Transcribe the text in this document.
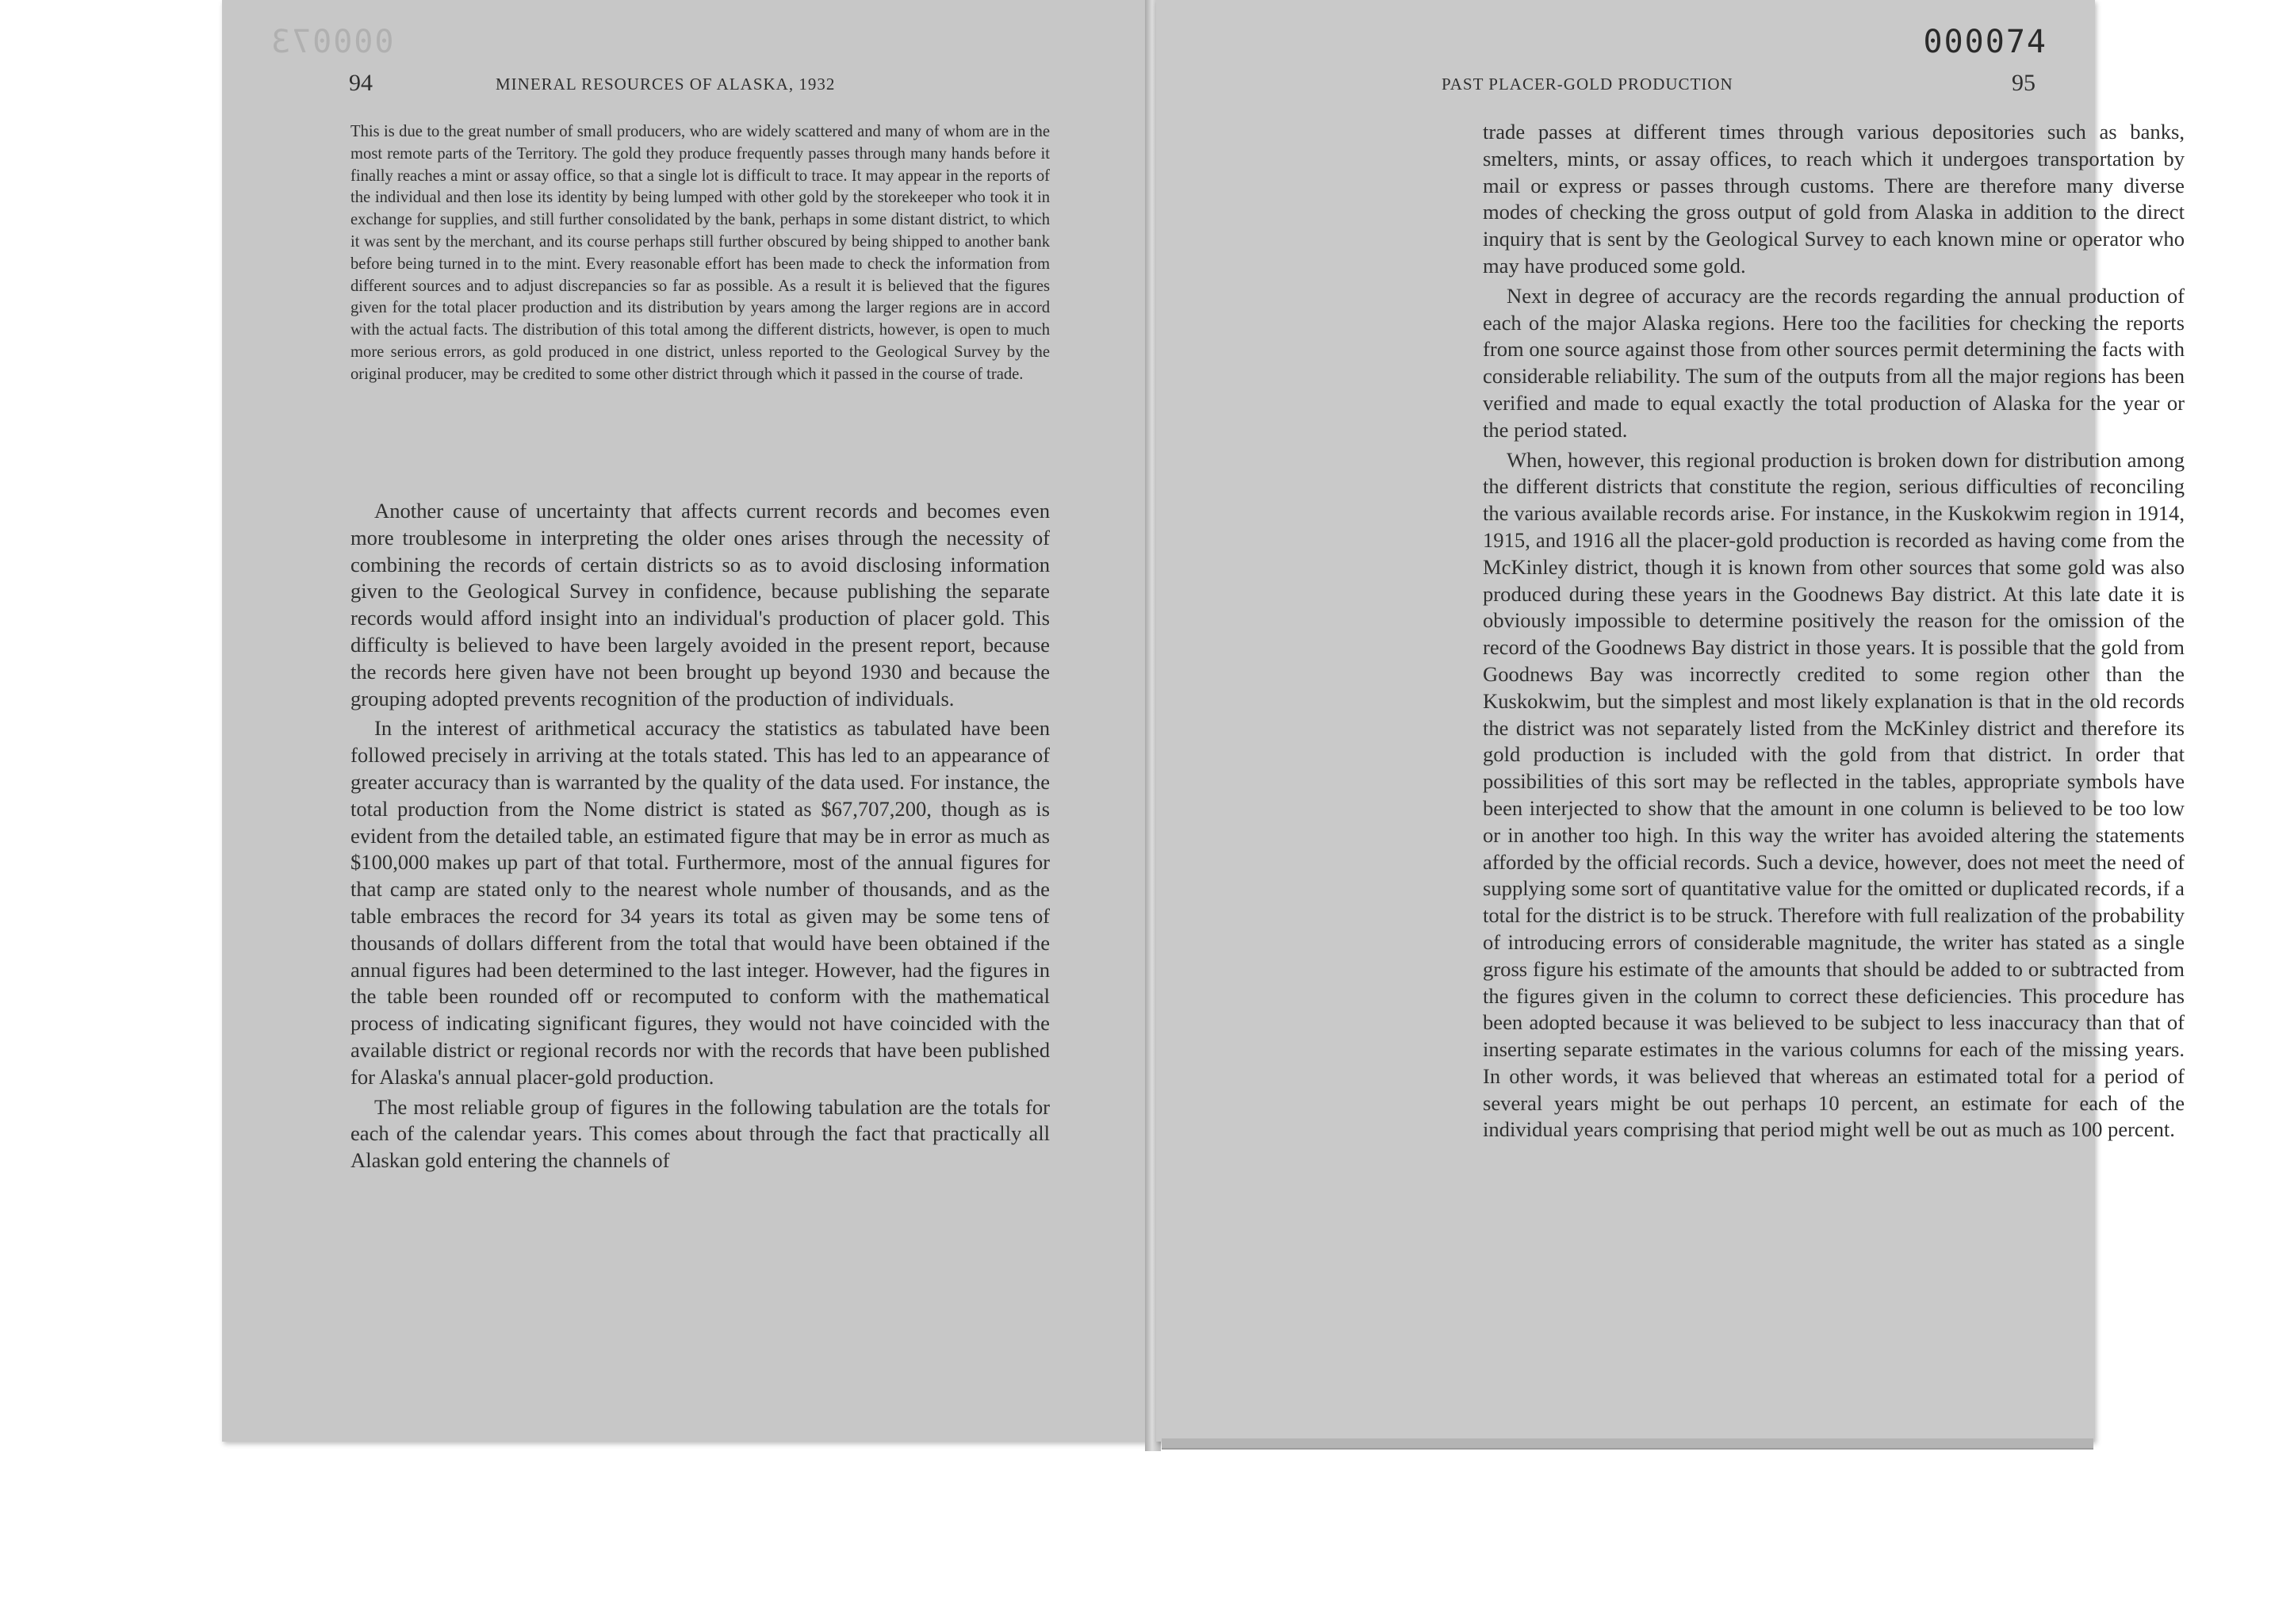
000073
94	MINERAL RESOURCES OF ALASKA, 1932

This is due to the great number of small producers, who are widely scattered and many of whom are in the most remote parts of the Territory. The gold they produce frequently passes through many hands before it finally reaches a mint or assay office, so that a single lot is difficult to trace. It may appear in the reports of the individual and then lose its identity by being lumped with other gold by the storekeeper who took it in exchange for supplies, and still further consolidated by the bank, perhaps in some distant district, to which it was sent by the merchant, and its course perhaps still further obscured by being shipped to another bank before being turned in to the mint. Every reasonable effort has been made to check the information from different sources and to adjust discrepancies so far as possible. As a result it is believed that the figures given for the total placer production and its distribution by years among the larger regions are in accord with the actual facts. The distribution of this total among the different districts, however, is open to much more serious errors, as gold produced in one district, unless reported to the Geological Survey by the original producer, may be credited to some other district through which it passed in the course of trade.

Another cause of uncertainty that affects current records and becomes even more troublesome in interpreting the older ones arises through the necessity of combining the records of certain districts so as to avoid disclosing information given to the Geological Survey in confidence, because publishing the separate records would afford insight into an individual's production of placer gold. This difficulty is believed to have been largely avoided in the present report, because the records here given have not been brought up beyond 1930 and because the grouping adopted prevents recognition of the production of individuals.

In the interest of arithmetical accuracy the statistics as tabulated have been followed precisely in arriving at the totals stated. This has led to an appearance of greater accuracy than is warranted by the quality of the data used. For instance, the total production from the Nome district is stated as $67,707,200, though as is evident from the detailed table, an estimated figure that may be in error as much as $100,000 makes up part of that total. Furthermore, most of the annual figures for that camp are stated only to the nearest whole number of thousands, and as the table embraces the record for 34 years its total as given may be some tens of thousands of dollars different from the total that would have been obtained if the annual figures had been determined to the last integer. However, had the figures in the table been rounded off or recomputed to conform with the mathematical process of indicating significant figures, they would not have coincided with the available district or regional records nor with the records that have been published for Alaska's annual placer-gold production.

The most reliable group of figures in the following tabulation are the totals for each of the calendar years. This comes about through the fact that practically all Alaskan gold entering the channels of

000074
PAST PLACER-GOLD PRODUCTION	95

trade passes at different times through various depositories such as banks, smelters, mints, or assay offices, to reach which it undergoes transportation by mail or express or passes through customs. There are therefore many diverse modes of checking the gross output of gold from Alaska in addition to the direct inquiry that is sent by the Geological Survey to each known mine or operator who may have produced some gold.

Next in degree of accuracy are the records regarding the annual production of each of the major Alaska regions. Here too the facilities for checking the reports from one source against those from other sources permit determining the facts with considerable reliability. The sum of the outputs from all the major regions has been verified and made to equal exactly the total production of Alaska for the year or the period stated.

When, however, this regional production is broken down for distribution among the different districts that constitute the region, serious difficulties of reconciling the various available records arise. For instance, in the Kuskokwim region in 1914, 1915, and 1916 all the placer-gold production is recorded as having come from the McKinley district, though it is known from other sources that some gold was also produced during these years in the Goodnews Bay district. At this late date it is obviously impossible to determine positively the reason for the omission of the record of the Goodnews Bay district in those years. It is possible that the gold from Goodnews Bay was incorrectly credited to some region other than the Kuskokwim, but the simplest and most likely explanation is that in the old records the district was not separately listed from the McKinley district and therefore its gold production is included with the gold from that district. In order that possibilities of this sort may be reflected in the tables, appropriate symbols have been interjected to show that the amount in one column is believed to be too low or in another too high. In this way the writer has avoided altering the statements afforded by the official records. Such a device, however, does not meet the need of supplying some sort of quantitative value for the omitted or duplicated records, if a total for the district is to be struck. Therefore with full realization of the probability of introducing errors of considerable magnitude, the writer has stated as a single gross figure his estimate of the amounts that should be added to or subtracted from the figures given in the column to correct these deficiencies. This procedure has been adopted because it was believed to be subject to less inaccuracy than that of inserting separate estimates in the various columns for each of the missing years. In other words, it was believed that whereas an estimated total for a period of several years might be out perhaps 10 percent, an estimate for each of the individual years comprising that period might well be out as much as 100 percent.
